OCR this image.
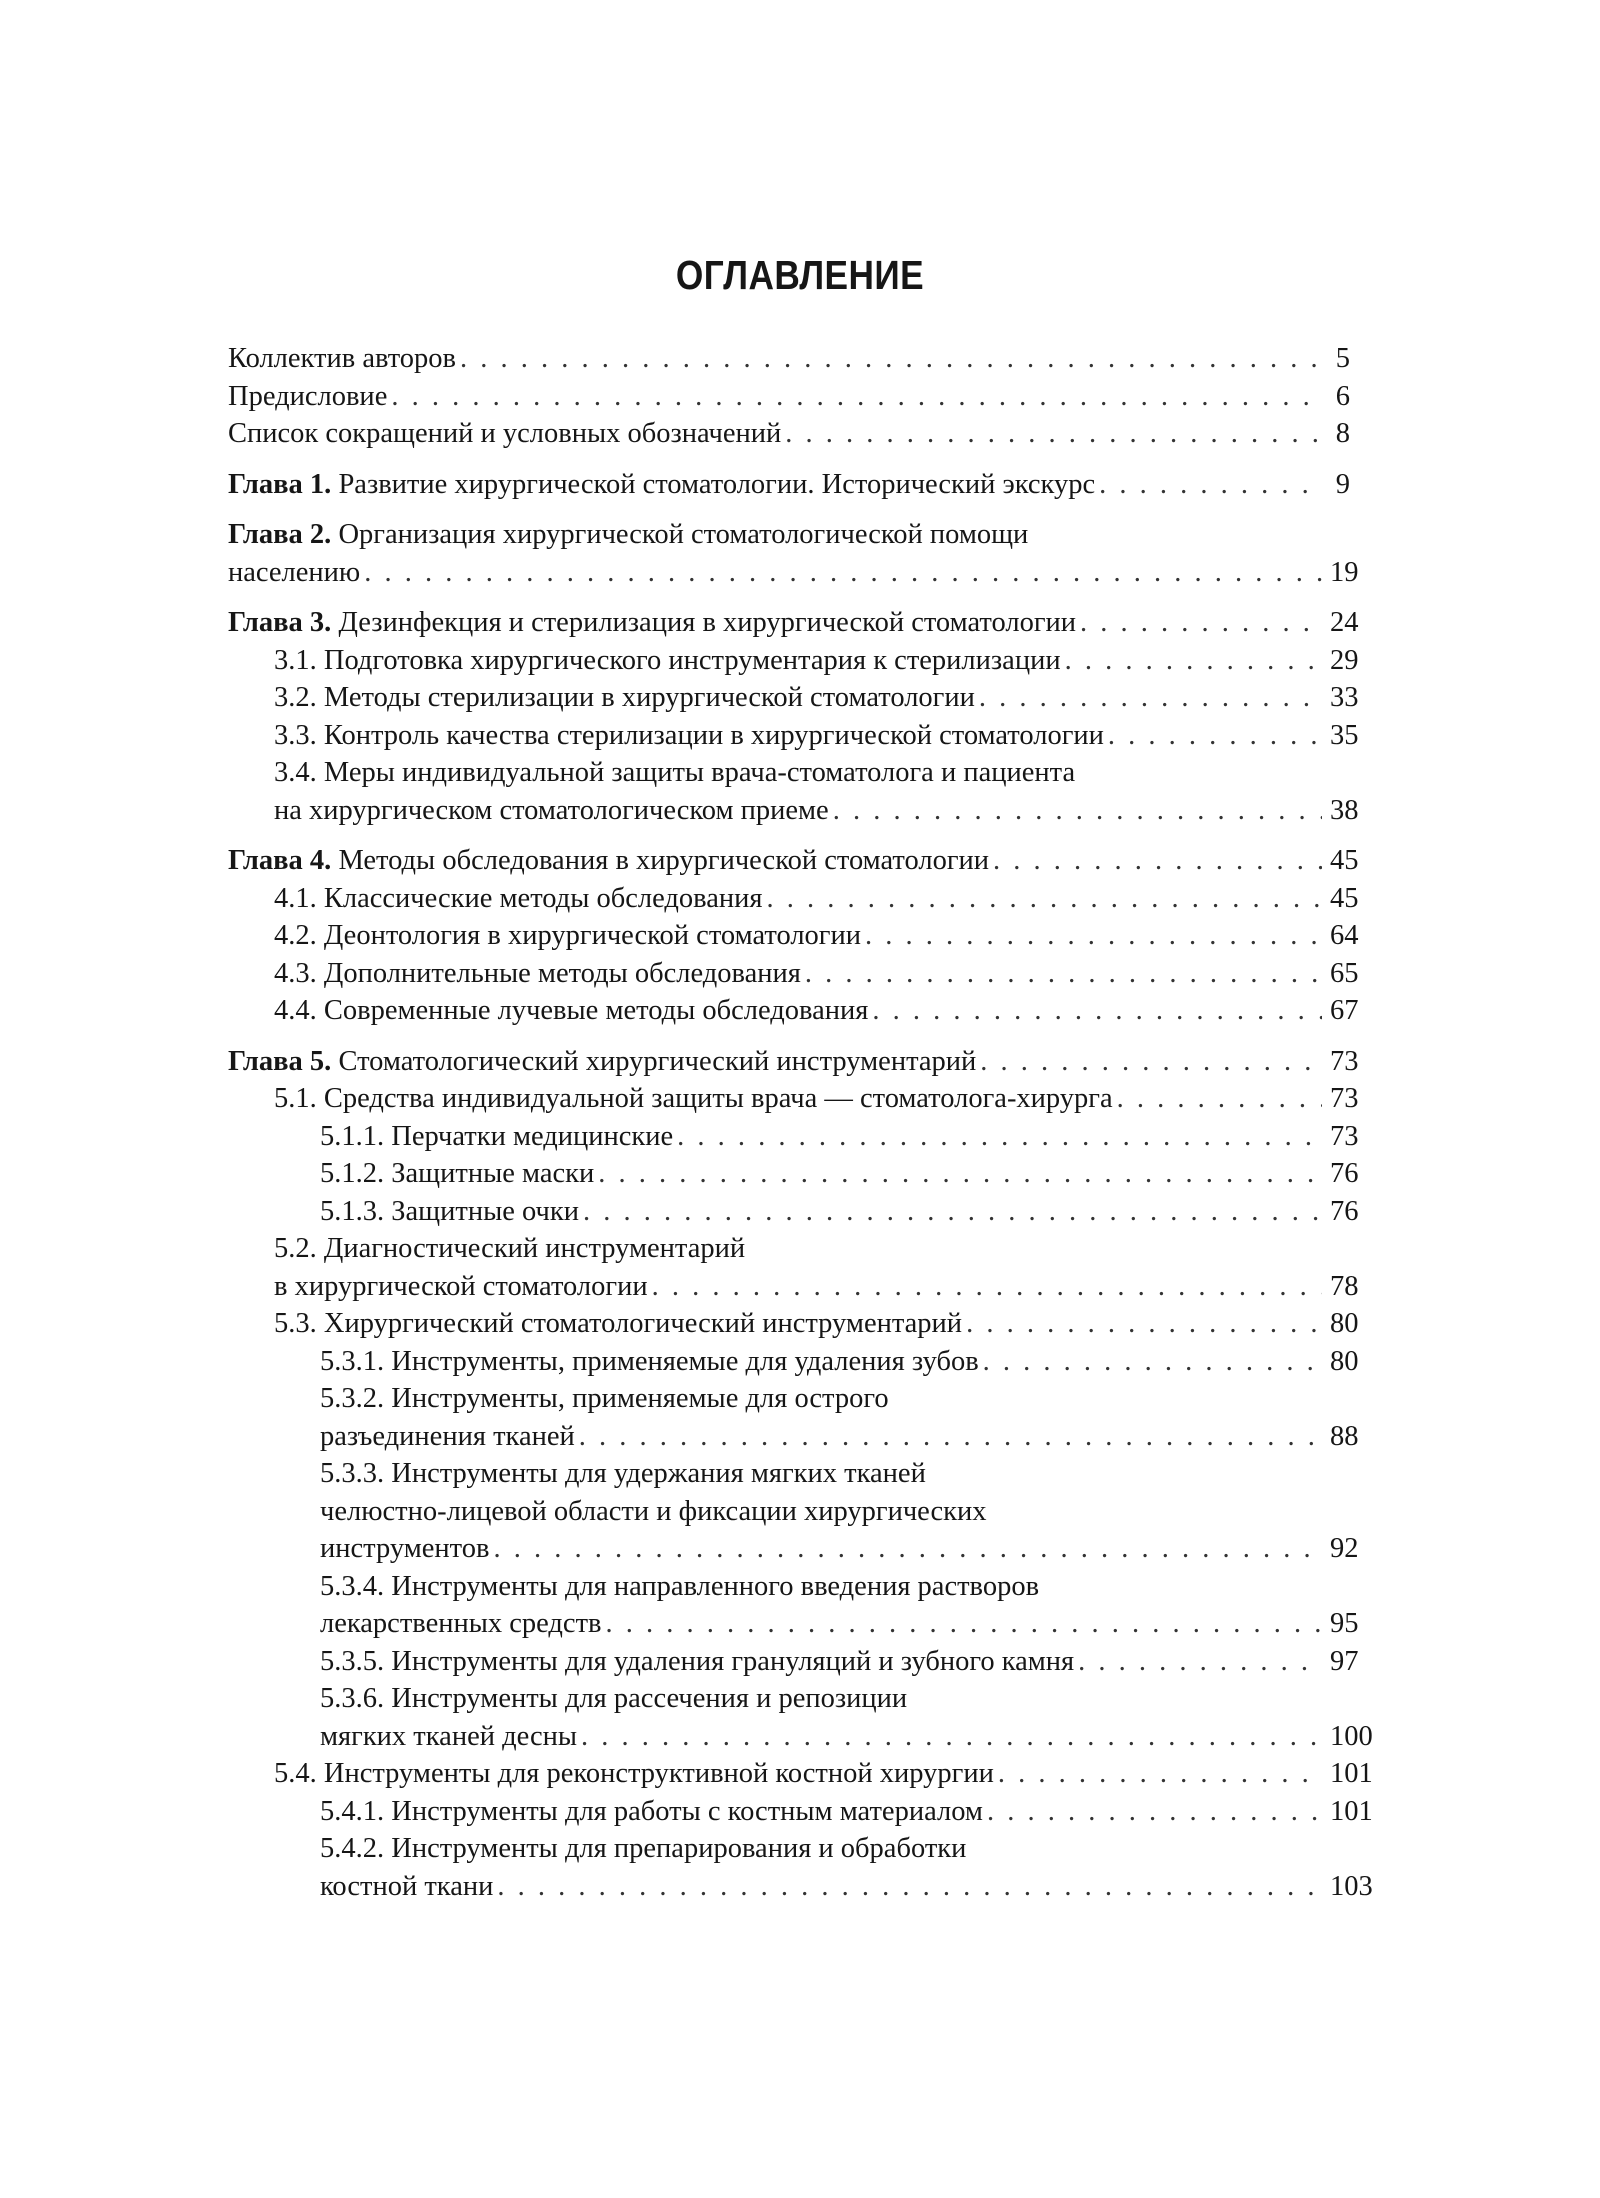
ОГЛАВЛЕНИЕ
Коллектив авторов . . .	5
Предисловие . . .	6
Список сокращений и условных обозначений . . .	8
Глава 1. Развитие хирургической стоматологии. Исторический экскурс . . .	9
Глава 2. Организация хирургической стоматологической помощи
населению . . .	19
Глава 3. Дезинфекция и стерилизация в хирургической стоматологии . . .	24
3.1. Подготовка хирургического инструментария к стерилизации . . .	29
3.2. Методы стерилизации в хирургической стоматологии . . .	33
3.3. Контроль качества стерилизации в хирургической стоматологии . . .	35
3.4. Меры индивидуальной защиты врача-стоматолога и пациента
на хирургическом стоматологическом приеме . . .	38
Глава 4. Методы обследования в хирургической стоматологии . . .	45
4.1. Классические методы обследования . . .	45
4.2. Деонтология в хирургической стоматологии . . .	64
4.3. Дополнительные методы обследования . . .	65
4.4. Современные лучевые методы обследования . . .	67
Глава 5. Стоматологический хирургический инструментарий . . .	73
5.1. Средства индивидуальной защиты врача — стоматолога-хирурга . . .	73
5.1.1. Перчатки медицинские . . .	73
5.1.2. Защитные маски . . .	76
5.1.3. Защитные очки . . .	76
5.2. Диагностический инструментарий
в хирургической стоматологии . . .	78
5.3. Хирургический стоматологический инструментарий . . .	80
5.3.1. Инструменты, применяемые для удаления зубов . . .	80
5.3.2. Инструменты, применяемые для острого
разъединения тканей . . .	88
5.3.3. Инструменты для удержания мягких тканей
челюстно-лицевой области и фиксации хирургических
инструментов . . .	92
5.3.4. Инструменты для направленного введения растворов
лекарственных средств . . .	95
5.3.5. Инструменты для удаления грануляций и зубного камня . . .	97
5.3.6. Инструменты для рассечения и репозиции
мягких тканей десны . . .	100
5.4. Инструменты для реконструктивной костной хирургии . . .	101
5.4.1. Инструменты для работы с костным материалом . . .	101
5.4.2. Инструменты для препарирования и обработки
костной ткани . . .	103
